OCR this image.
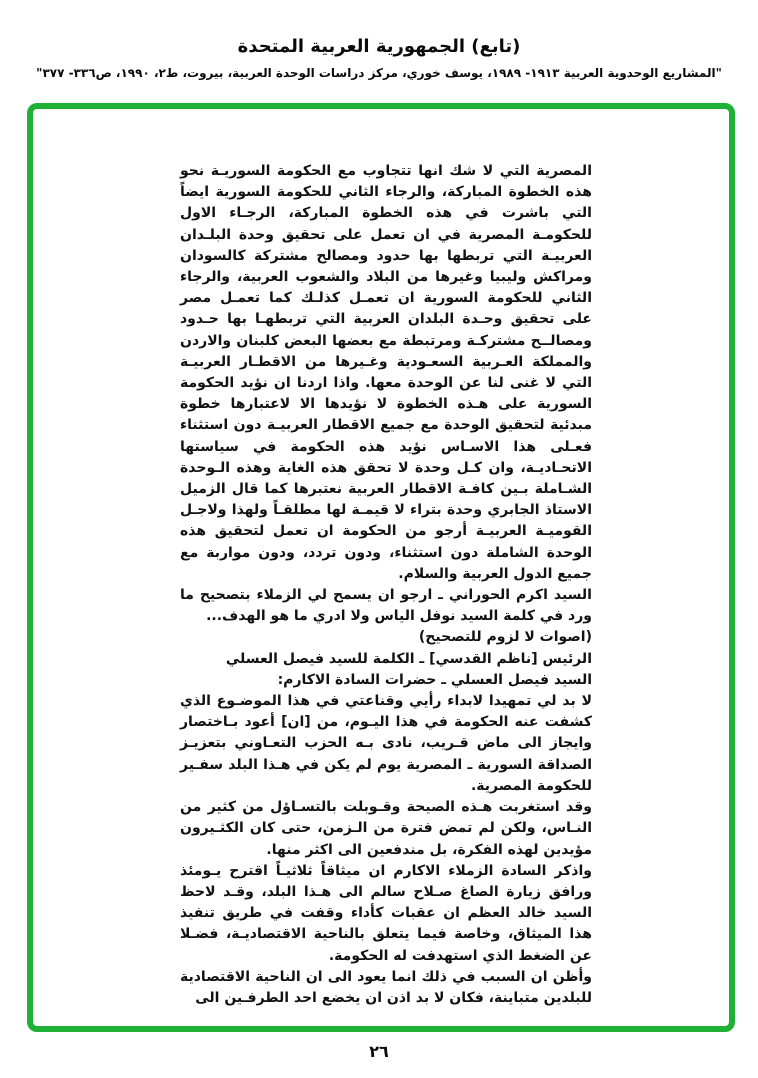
(تابع) الجمهورية العربية المتحدة
"المشاريع الوحدوية العربية ١٩١٣- ١٩٨٩، يوسف خوري، مركز دراسات الوحدة العربية، بيروت، ط٢، ١٩٩٠، ص٣٣٦- ٣٧٧"
المصرية التي لا شك انها تتجاوب مع الحكومة السوريـة نحو هذه الخطوة المباركة، والرجاء الثاني للحكومة السورية ايضاً التي باشرت في هذه الخطوة المباركة، الرجـاء الاول للحكومـة المصرية في ان تعمل على تحقيق وحدة البلـدان العربيـة التي تربطها بها حدود ومصالح مشتركة كالسودان ومراكش وليبيا وغيرها من البلاد والشعوب العربية، والرجاء الثاني للحكومة السورية ان تعمـل كذلـك كما تعمـل مصر على تحقيق وحـدة البلدان العربية التي تربطهـا بها حـدود ومصالــح مشتركـة ومرتبطة مع بعضها البعض كلبنان والاردن والمملكة العـربية السعـودية وغـيرها من الاقطـار العربيـة التي لا غنى لنا عن الوحدة معها. واذا اردنا ان نؤيد الحكومة السورية على هـذه الخطوة لا نؤيدها الا لاعتبارها خطوة مبدئية لتحقيق الوحدة مع جميع الاقطار العربيـة دون استثناء فعـلى هذا الاسـاس نؤيد هذه الحكومة في سياستها الاتحـاديـة، وان كـل وحدة لا تحقق هذه الغاية وهذه الـوحدة الشـاملة بـين كافـة الاقطار العربية نعتبرها كما قال الزميل الاستاذ الجابري وحدة بتراء لا قيمـة لها مطلقـاً ولهذا ولاجـل القوميـة العربيـة أرجو من الحكومة ان تعمل لتحقيق هذه الوحدة الشاملة دون استثناء، ودون تردد، ودون مواربة مع جميع الدول العربية والسلام.
السيد اكرم الحوراني ـ ارجو ان يسمح لي الزملاء بتصحيح ما ورد في كلمة السيد نوفل الياس ولا ادري ما هو الهدف...
(اصوات لا لزوم للتصحيح)
الرئيس [ناظم القدسي] ـ الكلمة للسيد فيصل العسلي
السيد فيصل العسلي ـ حضرات السادة الاكارم:
لا بد لي تمهيدا لابداء رأيي وقناعتي في هذا الموضـوع الذي كشفت عنه الحكومة في هذا اليـوم، من [ان] أعود بـاختصار وايجاز الى ماض قـريب، نادى بـه الحزب التعـاوني بتعزيـز الصداقة السورية ـ المصرية يوم لم يكن في هـذا البلد سفـير للحكومة المصرية.
وقد استغربت هـذه الصيحة وقـوبلت بالتسـاؤل من كثير من النـاس، ولكن لم تمض فترة من الـزمن، حتى كان الكثـيرون مؤيدين لهذه الفكرة، بل مندفعين الى اكثر منها.
واذكر السادة الزملاء الاكارم ان ميثاقاً ثلاثيـاً اقترح يـومئذ ورافق زيارة الصاغ صـلاح سالم الى هـذا البلد، وقـد لاحظ السيد خالد العظم ان عقبات كأداء وقفت في طريق تنفيذ هذا الميثاق، وخاصة فيما يتعلق بالناحية الاقتصاديـة، فضـلا عن الضغط الذي استهدفت له الحكومة.
وأظن ان السبب في ذلك انما يعود الى ان الناحية الاقتصادية للبلدين متباينة، فكان لا بد اذن ان يخضع احد الطرفـين الى
٢٦
